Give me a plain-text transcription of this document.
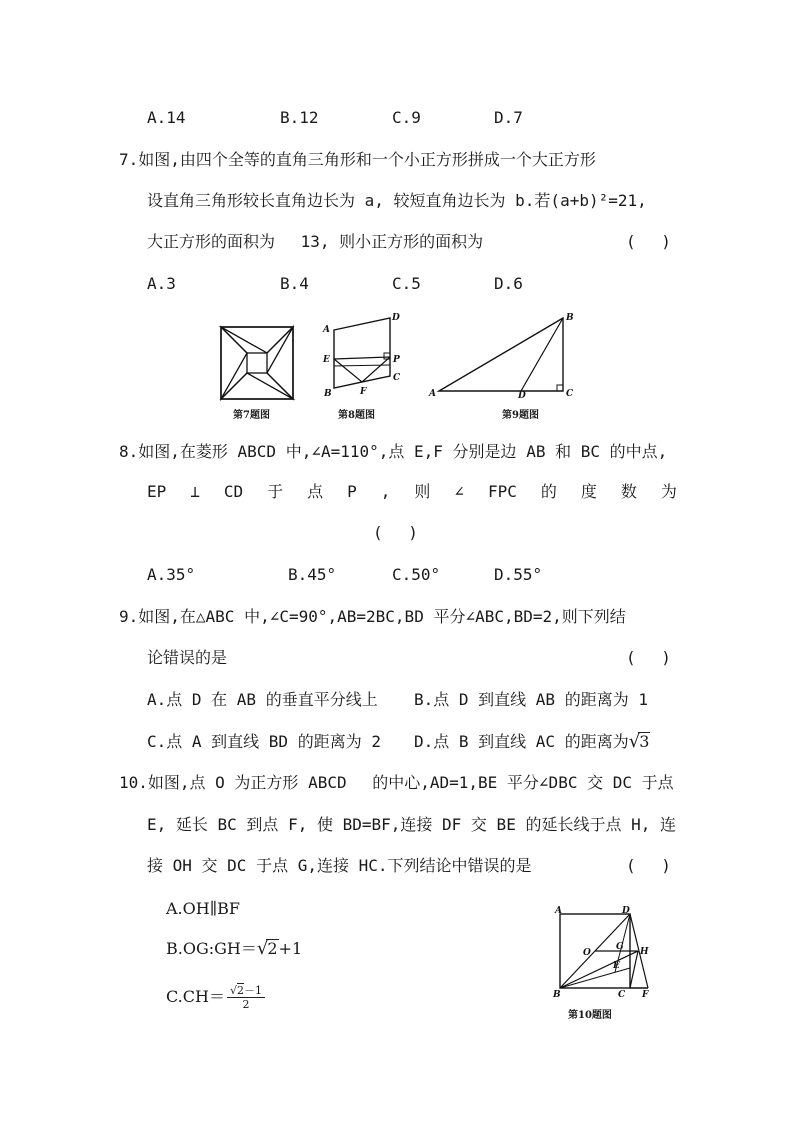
A.14	B.12	C.9	D.7
7.如图,由四个全等的直角三角形和一个小正方形拼成一个大正方形
设直角三角形较长直角边长为 a, 较短直角边长为 b.若(a+b)²=21,
大正方形的面积为　 13, 则小正方形的面积为	(　 )
A.3	B.4	C.5	D.6
第7题图
A
D
E	P
C
B	F
第8题图
B
A	D	C
第9题图
8.如图,在菱形 ABCD 中,∠A=110°,点 E,F 分别是边 AB 和 BC 的中点,
EP ⊥ CD 于 点 P , 则 ∠ FPC 的 度 数 为
(　 )
A.35°	B.45°	C.50°	D.55°
9.如图,在△ABC 中,∠C=90°,AB=2BC,BD 平分∠ABC,BD=2,则下列结
论错误的是	(　 )
A.点 D 在 AB 的垂直平分线上 B.点 D 到直线 AB 的距离为 1
C.点 A 到直线 BD 的距离为 2 D.点 B 到直线 AC 的距离为√3
10.如图,点 O 为正方形 ABCD　 的中心,AD=1,BE 平分∠DBC 交 DC 于点
E, 延长 BC 到点 F, 使 BD=BF,连接 DF 交 BE 的延长线于点 H, 连
接 OH 交 DC 于点 G,连接 HC.下列结论中错误的是	(　 )
A.OH∥BF
B.OG:GH＝√2+1
$C.CH= \frac{√2-1}{2}$
A	D
O
G H
E
B	C F
第10题图
